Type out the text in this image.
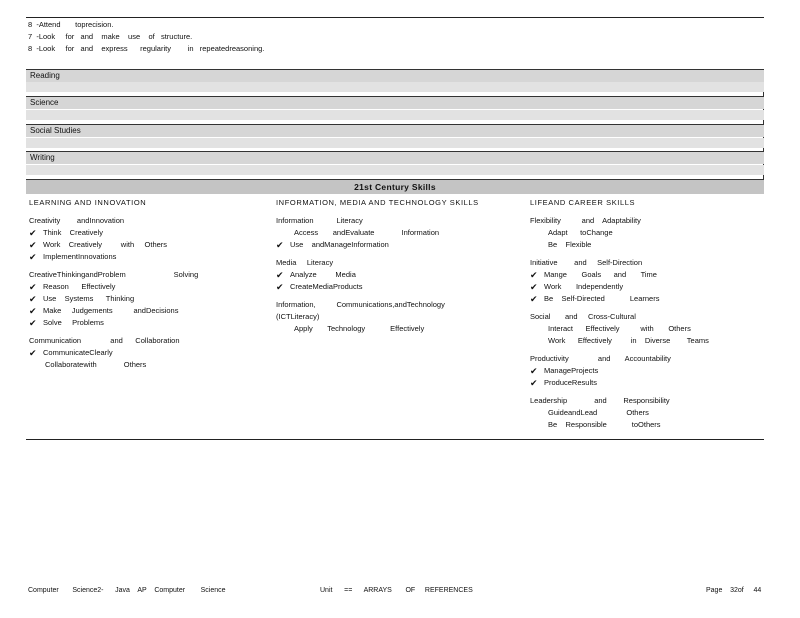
8  -Attend       toprecision.
7  -Look     for   and    make    use    of   structure.
8  -Look     for   and    express      regularity        in   repeatedreasoning.
Reading
Science
Social Studies
Writing
21st Century Skills
LEARNING AND INNOVATION
Creativity        andInnovation
✔ Think    Creatively
✔ Work    Creatively         with     Others
✔ ImplementInnovations
CreativeThinkingandProblem                       Solving
✔ Reason      Effectively
✔ Use    Systems      Thinking
✔ Make     Judgements          andDecisions
✔ Solve     Problems
Communication              and      Collaboration
✔ CommunicateClearly
Collaboratewith             Others
INFORMATION, MEDIA AND TECHNOLOGY SKILLS
Information           Literacy
Access       andEvaluate             Information
✔ Use    andManageInformation
Media     Literacy
✔ Analyze         Media
✔ CreateMediaProducts
Information,          Communications,andTechnology
(ICTLiteracy)
Apply       Technology            Effectively
LIFEAND CAREER SKILLS
Flexibility          and    Adaptability
Adapt      toChange
Be    Flexible
Initiative        and     Self-Direction
✔ Mange       Goals      and       Time
✔ Work       Independently
✔ Be    Self-Directed            Learners
Social       and     Cross-Cultural
Interact      Effectively          with       Others
Work      Effectively         in    Diverse        Teams
Productivity              and       Accountability
✔ ManageProjects
✔ ProduceResults
Leadership             and        Responsibility
GuideandLead              Others
Be    Responsible            toOthers
Computer       Science2-      Java    AP    Computer        Science	Unit      ==      ARRAYS       OF     REFERENCES	Page    32of     44
